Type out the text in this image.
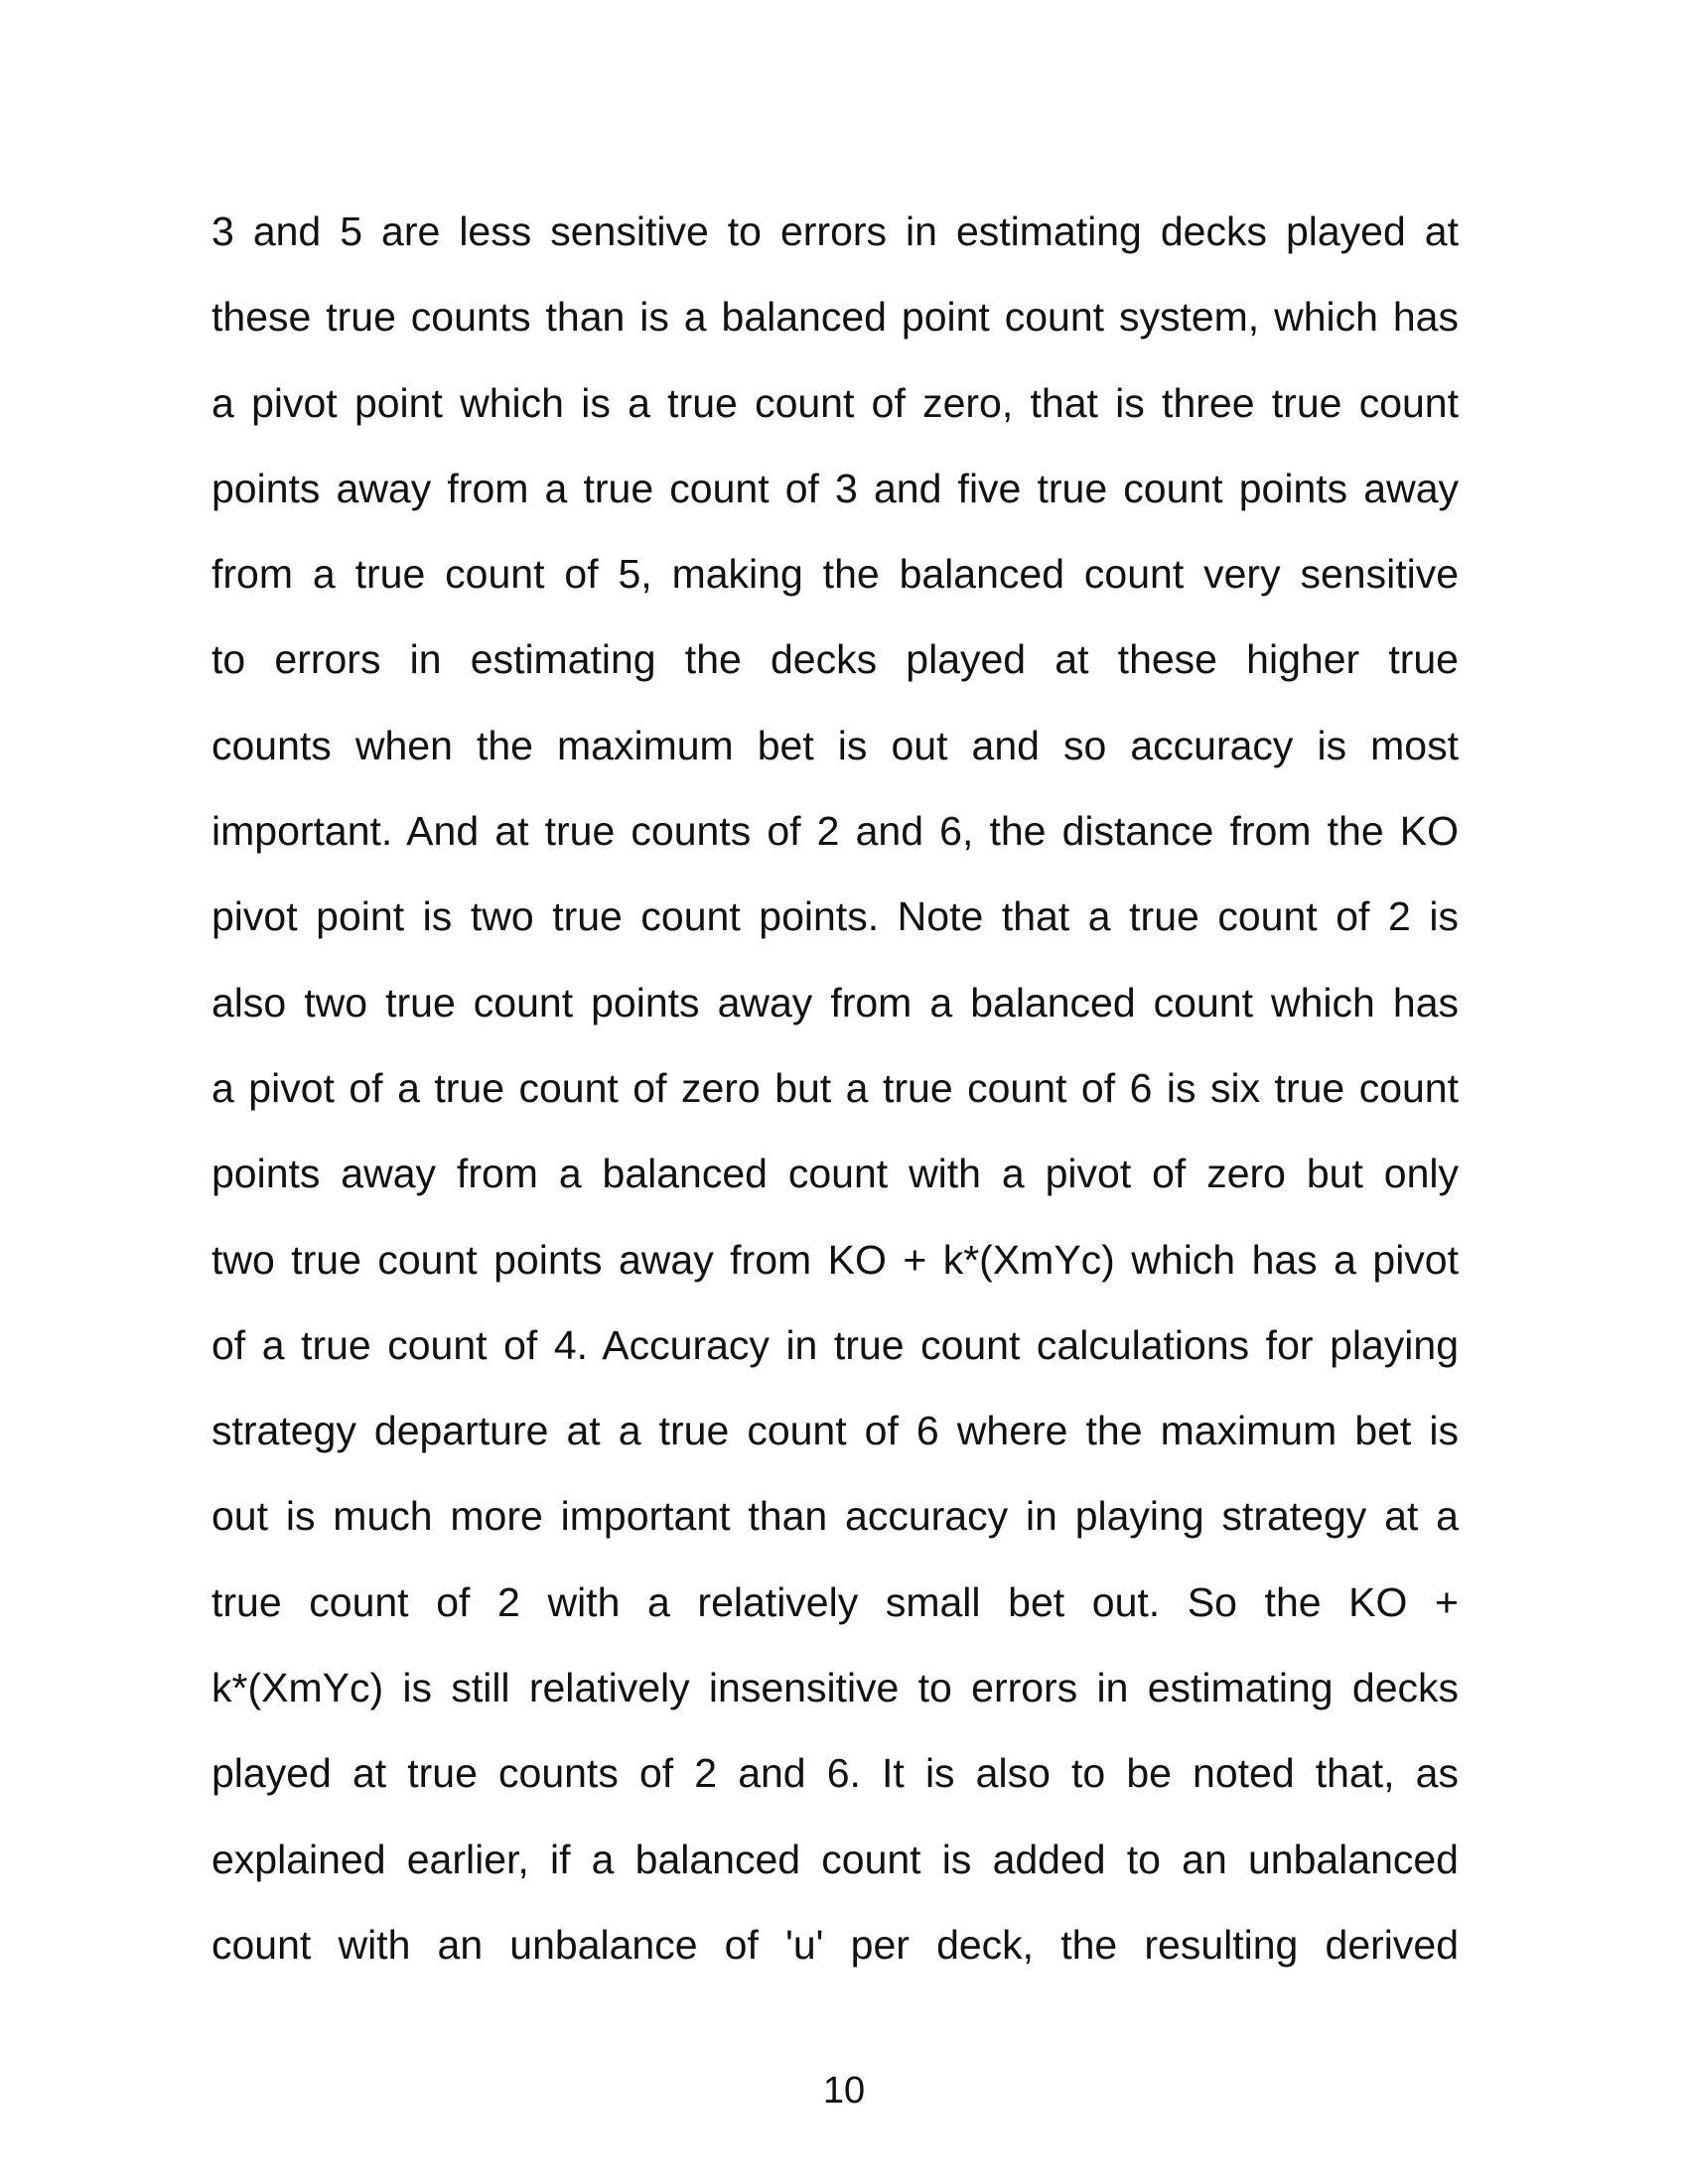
3 and 5 are less sensitive to errors in estimating decks played at
these true counts than is a balanced point count system, which has
a pivot point which is a true count of zero, that is three true count
points away from a true count of 3 and five true count points away
from a true count of 5, making the balanced count very sensitive
to errors in estimating the decks played at these higher true
counts when the maximum bet is out and so accuracy is most
important. And at true counts of 2 and 6, the distance from the KO
pivot point is two true count points. Note that a true count of 2 is
also two true count points away from a balanced count which has
a pivot of a true count of zero but a true count of 6 is six true count
points away from a balanced count with a pivot of zero but only
two true count points away from KO + k*(XmYc) which has a pivot
of a true count of 4. Accuracy in true count calculations for playing
strategy departure at a true count of 6 where the maximum bet is
out is much more important than accuracy in playing strategy at a
true count of 2 with a relatively small bet out. So the KO +
k*(XmYc) is still relatively insensitive to errors in estimating decks
played at true counts of 2 and 6. It is also to be noted that, as
explained earlier, if a balanced count is added to an unbalanced
count with an unbalance of 'u' per deck, the resulting derived
10
